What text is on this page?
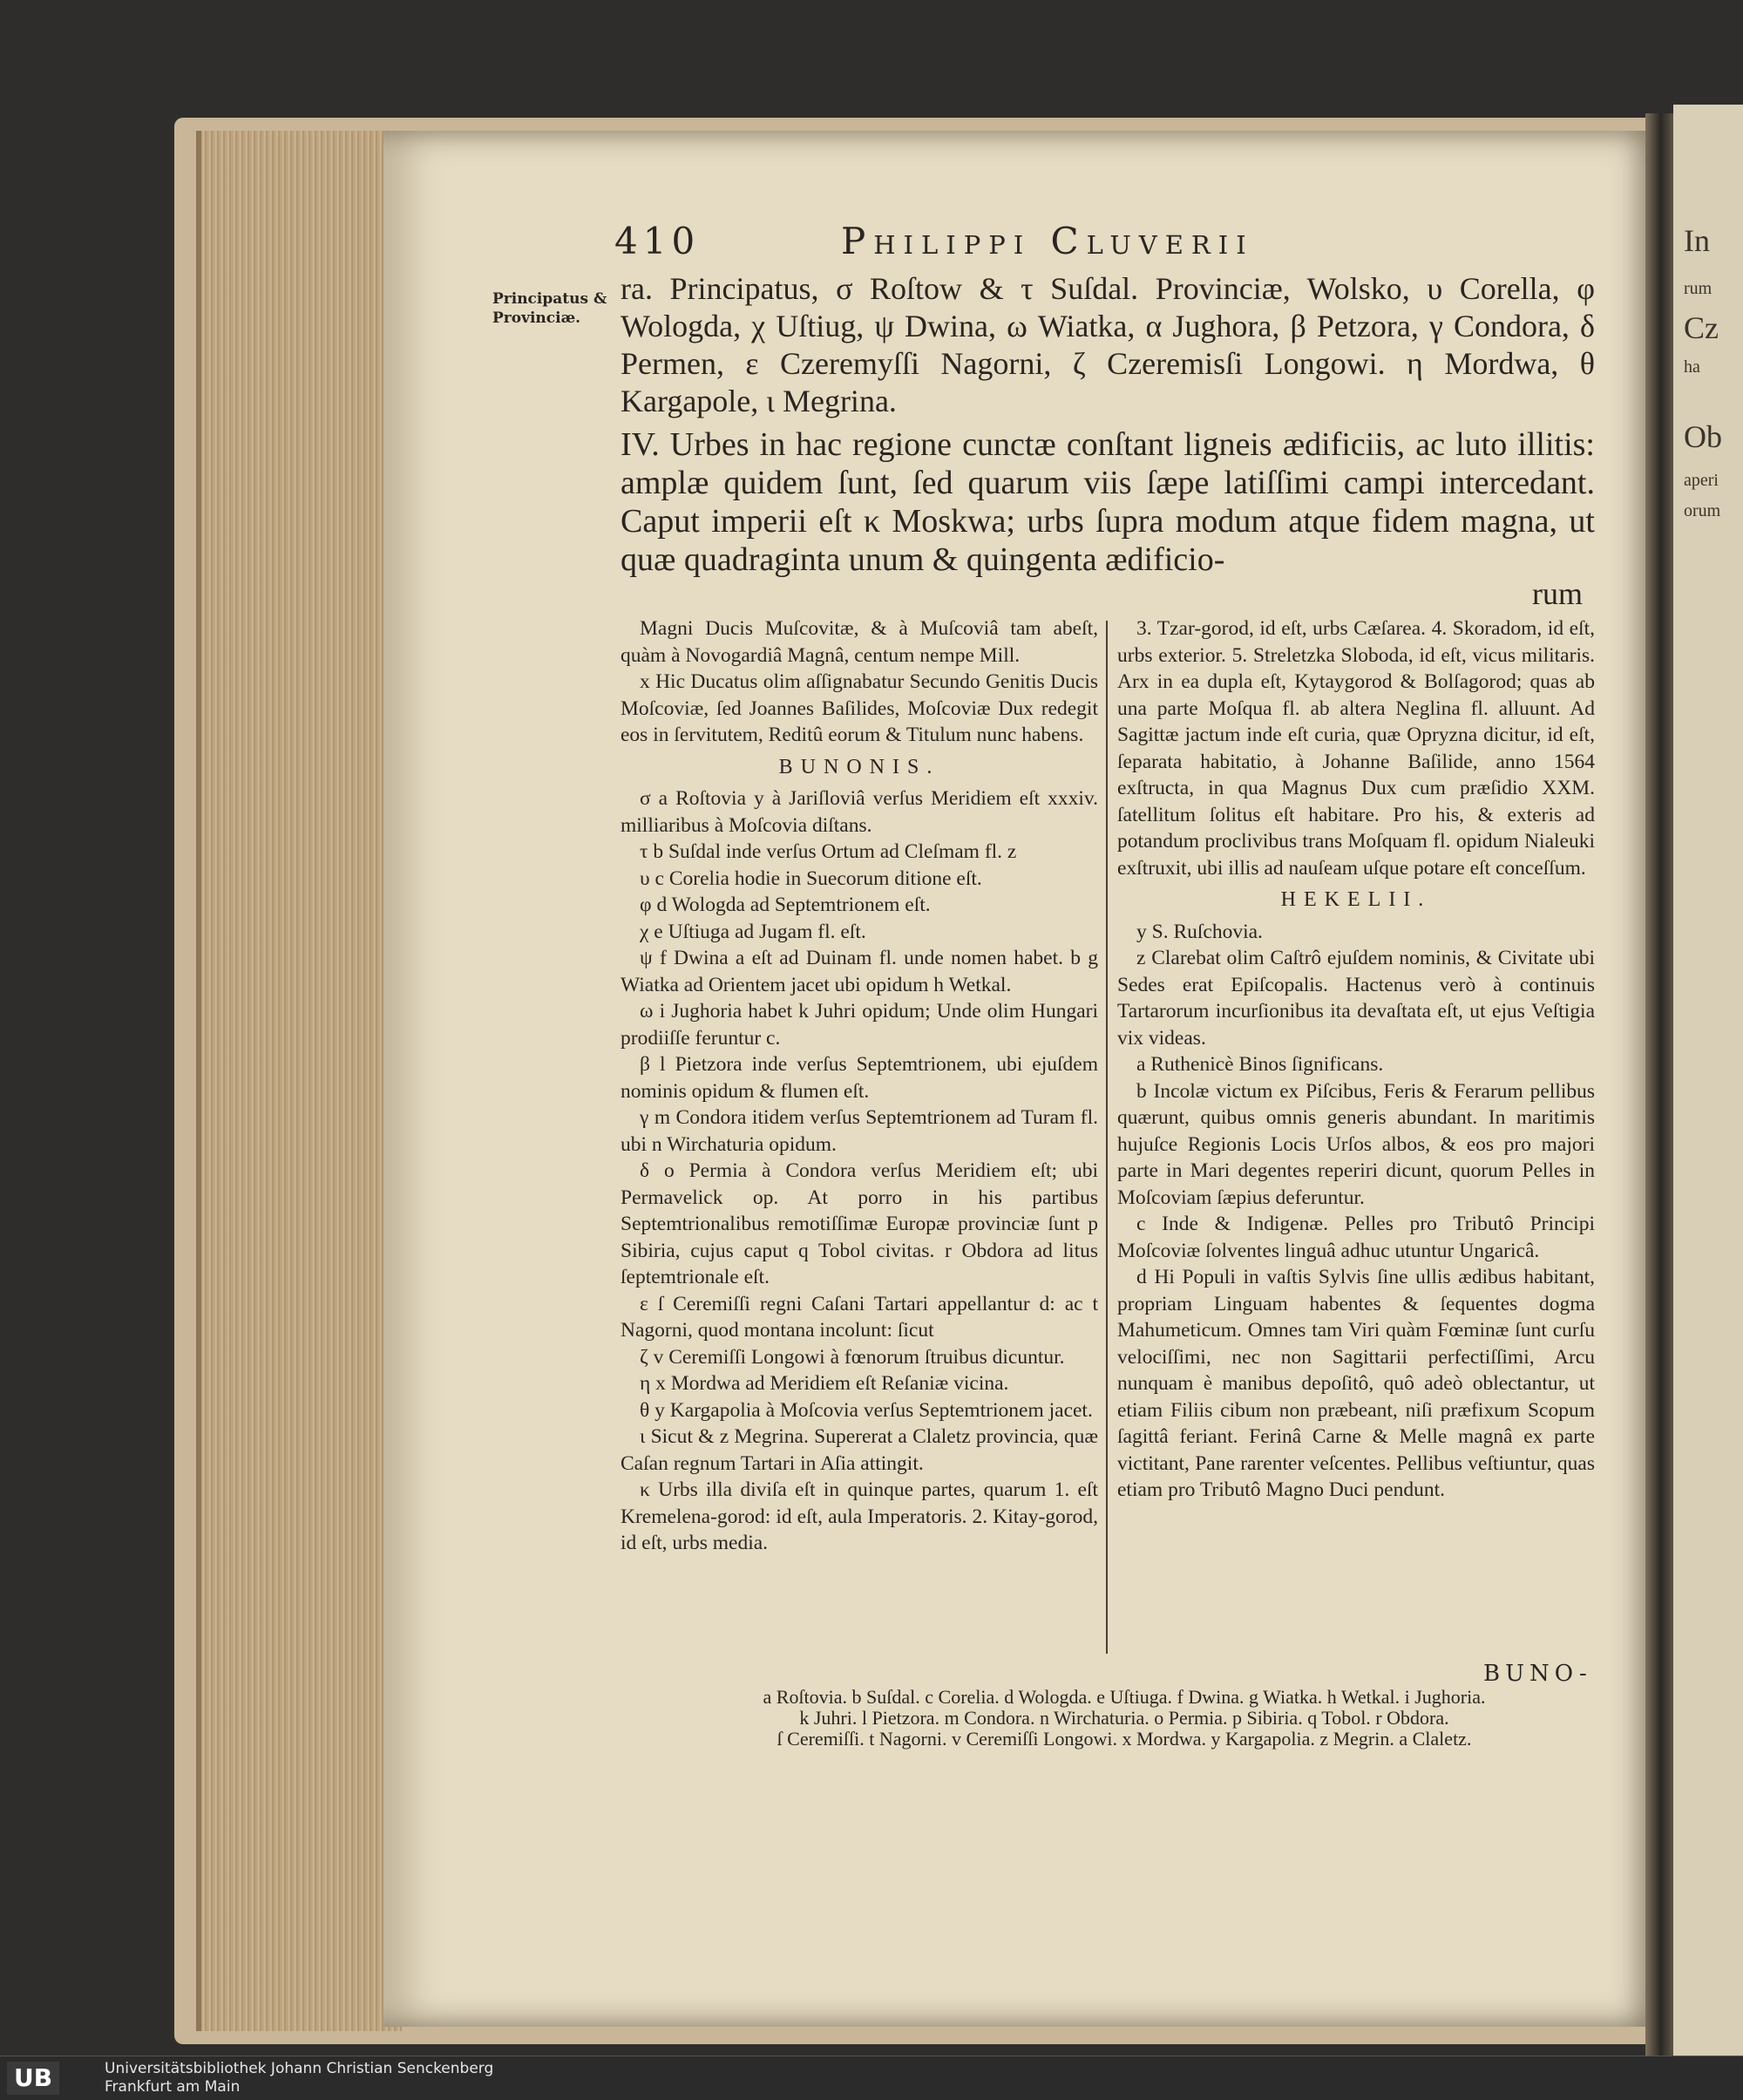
410	Philippi Cluverii
Principatus & Provinciæ.

ra. Principatus, σ Roſtow & τ Suſdal. Provinciæ, Wolsko, υ Corella, φ Wologda, χ Uſtiug, ψ Dwina, ω Wiatka, α Jughora, β Petzora, γ Condora, δ Permen, ε Czeremyſſi Nagorni, ζ Czeremisſi Longowi. η Mordwa, θ Kargapole, ι Megrina.

IV. Urbes in hac regione cunctæ conſtant ligneis ædificiis, ac luto illitis: amplæ quidem ſunt, ſed quarum viis ſæpe latiſſimi campi intercedant. Caput imperii eſt κ Moskwa; urbs ſupra modum atque fidem magna, ut quæ quadraginta unum & quingenta ædificio-

rum

Magni Ducis Muſcovitæ, & à Muſcoviâ tam abeſt, quàm à Novogardiâ Magnâ, centum nempe Mill.

x Hic Ducatus olim aſſignabatur Secundo Genitis Ducis Moſcoviæ, ſed Joannes Baſilides, Moſcoviæ Dux redegit eos in ſervitutem, Reditû eorum & Titulum nunc habens.

BUNONIS.

σ a Roſtovia y à Jariſloviâ verſus Meridiem eſt xxxiv. milliaribus à Moſcovia diſtans.

τ b Suſdal inde verſus Ortum ad Cleſmam fl. z

υ c Corelia hodie in Suecorum ditione eſt.

φ d Wologda ad Septemtrionem eſt.

χ e Uſtiuga ad Jugam fl. eſt.

ψ f Dwina a eſt ad Duinam fl. unde nomen habet. b g Wiatka ad Orientem jacet ubi opidum h Wetkal.

ω i Jughoria habet k Juhri opidum; Unde olim Hungari prodiiſſe feruntur c.

β l Pietzora inde verſus Septemtrionem, ubi ejuſdem nominis opidum & flumen eſt.

γ m Condora itidem verſus Septemtrionem ad Turam fl. ubi n Wirchaturia opidum.

δ o Permia à Condora verſus Meridiem eſt; ubi Permavelick op. At porro in his partibus Septemtrionalibus remotiſſimæ Europæ provinciæ ſunt p Sibiria, cujus caput q Tobol civitas. r Obdora ad litus ſeptemtrionale eſt.

ε ſ Ceremiſſi regni Caſani Tartari appellantur d: ac t Nagorni, quod montana incolunt: ſicut

ζ v Ceremiſſi Longowi à fœnorum ſtruibus dicuntur.

η x Mordwa ad Meridiem eſt Reſaniæ vicina.

θ y Kargapolia à Moſcovia verſus Septemtrionem jacet.

ι Sicut & z Megrina. Supererat a Claletz provincia, quæ Caſan regnum Tartari in Aſia attingit.

κ Urbs illa diviſa eſt in quinque partes, quarum 1. eſt Kremelena-gorod: id eſt, aula Imperatoris. 2. Kitay-gorod, id eſt, urbs media.

3. Tzar-gorod, id eſt, urbs Cæſarea. 4. Skoradom, id eſt, urbs exterior. 5. Streletzka Sloboda, id eſt, vicus militaris. Arx in ea dupla eſt, Kytaygorod & Bolſagorod; quas ab una parte Moſqua fl. ab altera Neglina fl. alluunt. Ad Sagittæ jactum inde eſt curia, quæ Opryzna dicitur, id eſt, ſeparata habitatio, à Johanne Baſilide, anno 1564 exſtructa, in qua Magnus Dux cum præſidio XXM. ſatellitum ſolitus eſt habitare. Pro his, & exteris ad potandum proclivibus trans Moſquam fl. opidum Nialeuki exſtruxit, ubi illis ad nauſeam uſque potare eſt conceſſum.

HEKELII.

y S. Ruſchovia.

z Clarebat olim Caſtrô ejuſdem nominis, & Civitate ubi Sedes erat Epiſcopalis. Hactenus verò à continuis Tartarorum incurſionibus ita devaſtata eſt, ut ejus Veſtigia vix videas.

a Ruthenicè Binos ſignificans.

b Incolæ victum ex Piſcibus, Feris & Ferarum pellibus quærunt, quibus omnis generis abundant. In maritimis hujuſce Regionis Locis Urſos albos, & eos pro majori parte in Mari degentes reperiri dicunt, quorum Pelles in Moſcoviam ſæpius deferuntur.

c Inde & Indigenæ. Pelles pro Tributô Principi Moſcoviæ ſolventes linguâ adhuc utuntur Ungaricâ.

d Hi Populi in vaſtis Sylvis ſine ullis ædibus habitant, propriam Linguam habentes & ſequentes dogma Mahumeticum. Omnes tam Viri quàm Fœminæ ſunt curſu velociſſimi, nec non Sagittarii perfectiſſimi, Arcu nunquam è manibus depoſitô, quô adeò oblectantur, ut etiam Filiis cibum non præbeant, niſi præfixum Scopum ſagittâ feriant. Ferinâ Carne & Melle magnâ ex parte victitant, Pane rarenter veſcentes. Pellibus veſtiuntur, quas etiam pro Tributô Magno Duci pendunt.

BUNO-
a Roſtovia. b Suſdal. c Corelia. d Wologda. e Uſtiuga. f Dwina. g Wiatka. h Wetkal. i Jughoria.
k Juhri. l Pietzora. m Condora. n Wirchaturia. o Permia. p Sibiria. q Tobol. r Obdora.
ſ Ceremiſſi. t Nagorni. v Ceremiſſi Longowi. x Mordwa. y Kargapolia. z Megrin. a Claletz.
In
rum
Cz
ha
Ob
aperi
orum
UB	Universitätsbibliothek Johann Christian Senckenberg
Frankfurt am Main
